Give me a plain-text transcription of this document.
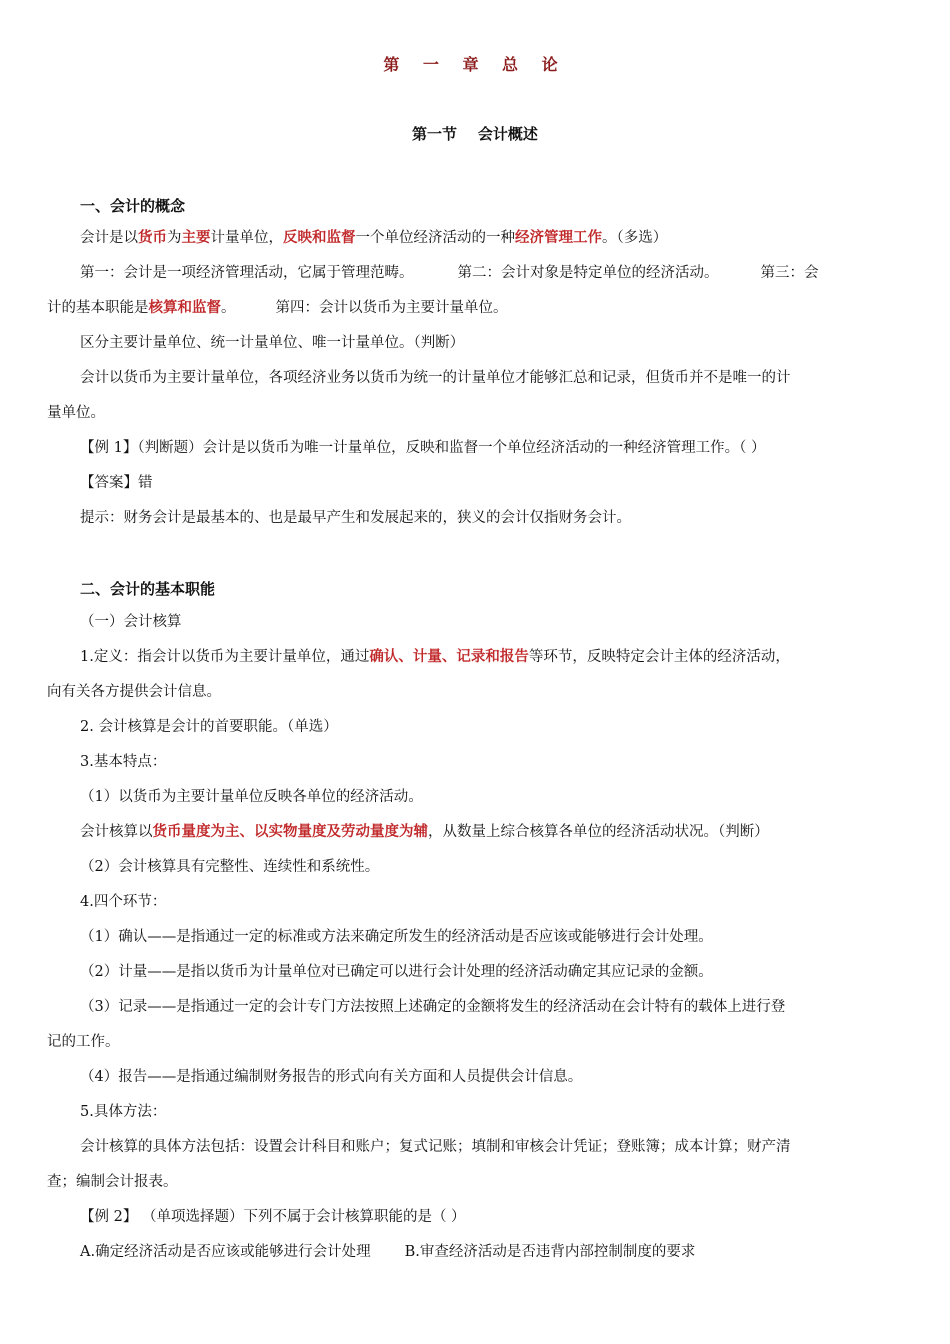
第 一 章 总 论
第一节    会计概述
一、会计的概念
会计是以货币为主要计量单位，反映和监督一个单位经济活动的一种经济管理工作。（多选）
第一：会计是一项经济管理活动，它属于管理范畴。	第二：会计对象是特定单位的经济活动。	第三：会
计的基本职能是核算和监督。	第四：会计以货币为主要计量单位。
区分主要计量单位、统一计量单位、唯一计量单位。（判断）
会计以货币为主要计量单位，各项经济业务以货币为统一的计量单位才能够汇总和记录，但货币并不是唯一的计
量单位。
【例 1】（判断题）会计是以货币为唯一计量单位，反映和监督一个单位经济活动的一种经济管理工作。（ ）
【答案】错
提示：财务会计是最基本的、也是最早产生和发展起来的，狭义的会计仅指财务会计。
二、会计的基本职能
（一）会计核算
1.定义：指会计以货币为主要计量单位，通过确认、计量、记录和报告等环节，反映特定会计主体的经济活动，
向有关各方提供会计信息。
2. 会计核算是会计的首要职能。（单选）
3.基本特点：
（1）以货币为主要计量单位反映各单位的经济活动。
会计核算以货币量度为主、以实物量度及劳动量度为辅，从数量上综合核算各单位的经济活动状况。（判断）
（2）会计核算具有完整性、连续性和系统性。
4.四个环节：
（1）确认——是指通过一定的标准或方法来确定所发生的经济活动是否应该或能够进行会计处理。
（2）计量——是指以货币为计量单位对已确定可以进行会计处理的经济活动确定其应记录的金额。
（3）记录——是指通过一定的会计专门方法按照上述确定的金额将发生的经济活动在会计特有的载体上进行登
记的工作。
（4）报告——是指通过编制财务报告的形式向有关方面和人员提供会计信息。
5.具体方法：
会计核算的具体方法包括：设置会计科目和账户；复式记账；填制和审核会计凭证；登账簿；成本计算；财产清
查；编制会计报表。
【例 2】 （单项选择题）下列不属于会计核算职能的是（ ）
A.确定经济活动是否应该或能够进行会计处理 B.审查经济活动是否违背内部控制制度的要求
